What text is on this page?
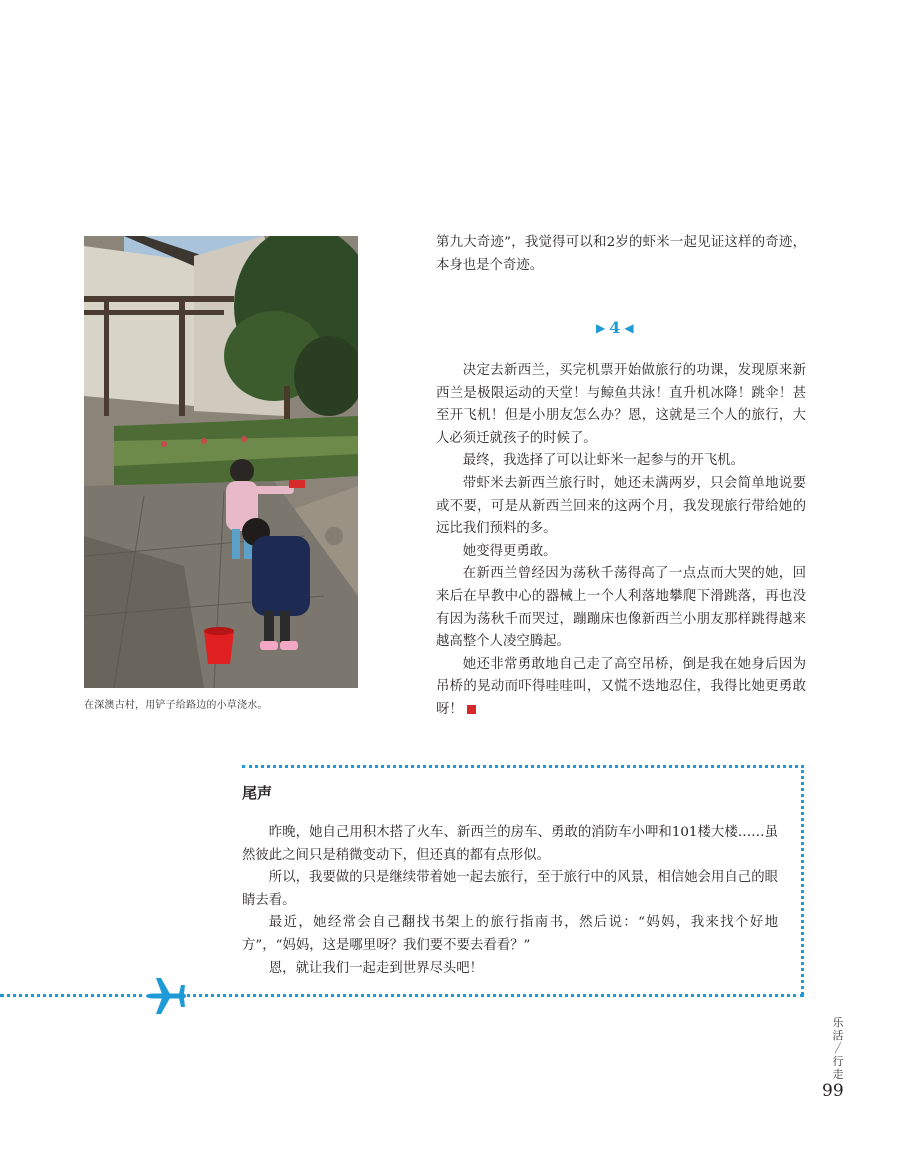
在深澳古村，用铲子给路边的小草浇水。

第九大奇迹”，我觉得可以和2岁的虾米一起见证这样的奇迹，本身也是个奇迹。

▶ 4 ◀

决定去新西兰，买完机票开始做旅行的功课，发现原来新西兰是极限运动的天堂！与鲸鱼共泳！直升机冰降！跳伞！甚至开飞机！但是小朋友怎么办？恩，这就是三个人的旅行，大人必须迁就孩子的时候了。

最终，我选择了可以让虾米一起参与的开飞机。

带虾米去新西兰旅行时，她还未满两岁，只会简单地说要或不要，可是从新西兰回来的这两个月，我发现旅行带给她的远比我们预料的多。

她变得更勇敢。

在新西兰曾经因为荡秋千荡得高了一点点而大哭的她，回来后在早教中心的器械上一个人利落地攀爬下滑跳落，再也没有因为荡秋千而哭过，蹦蹦床也像新西兰小朋友那样跳得越来越高整个人凌空腾起。

她还非常勇敢地自己走了高空吊桥，倒是我在她身后因为吊桥的晃动而吓得哇哇叫，又慌不迭地忍住，我得比她更勇敢呀！

尾声

昨晚，她自己用积木搭了火车、新西兰的房车、勇敢的消防车小呷和101楼大楼……虽然彼此之间只是稍微变动下，但还真的都有点形似。

所以，我要做的只是继续带着她一起去旅行，至于旅行中的风景，相信她会用自己的眼睛去看。

最近，她经常会自己翻找书架上的旅行指南书，然后说：“妈妈，我来找个好地方”，“妈妈，这是哪里呀？我们要不要去看看？”

恩，就让我们一起走到世界尽头吧！

乐活
╱
行走
99
